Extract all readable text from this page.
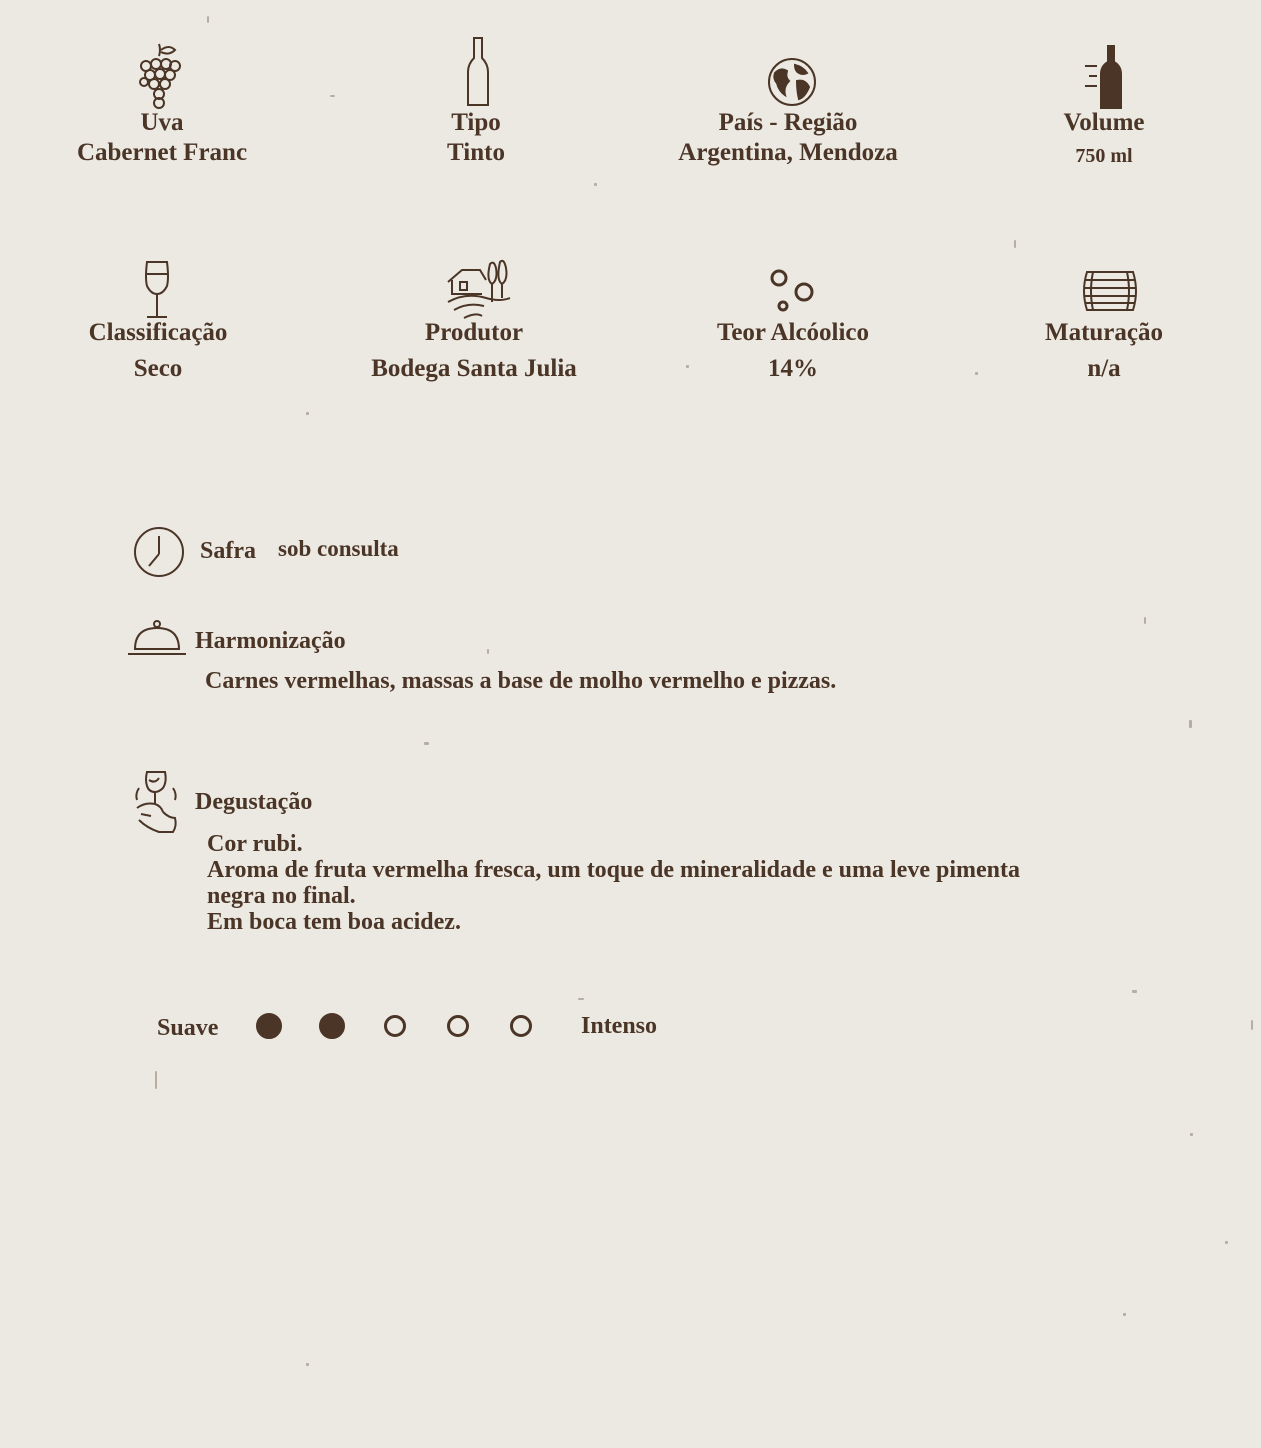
Uva
Cabernet Franc
Tipo
Tinto
País - Região
Argentina, Mendoza
Volume
750 ml
Classificação
Seco
Produtor
Bodega Santa Julia
Teor Alcóolico
14%
Maturação
n/a
Safra sob consulta
Harmonização
Carnes vermelhas, massas a base de molho vermelho e pizzas.
Degustação
Cor rubi.
Aroma de fruta vermelha fresca, um toque de mineralidade e uma leve pimenta
negra no final.
Em boca tem boa acidez.
Suave	Intenso
